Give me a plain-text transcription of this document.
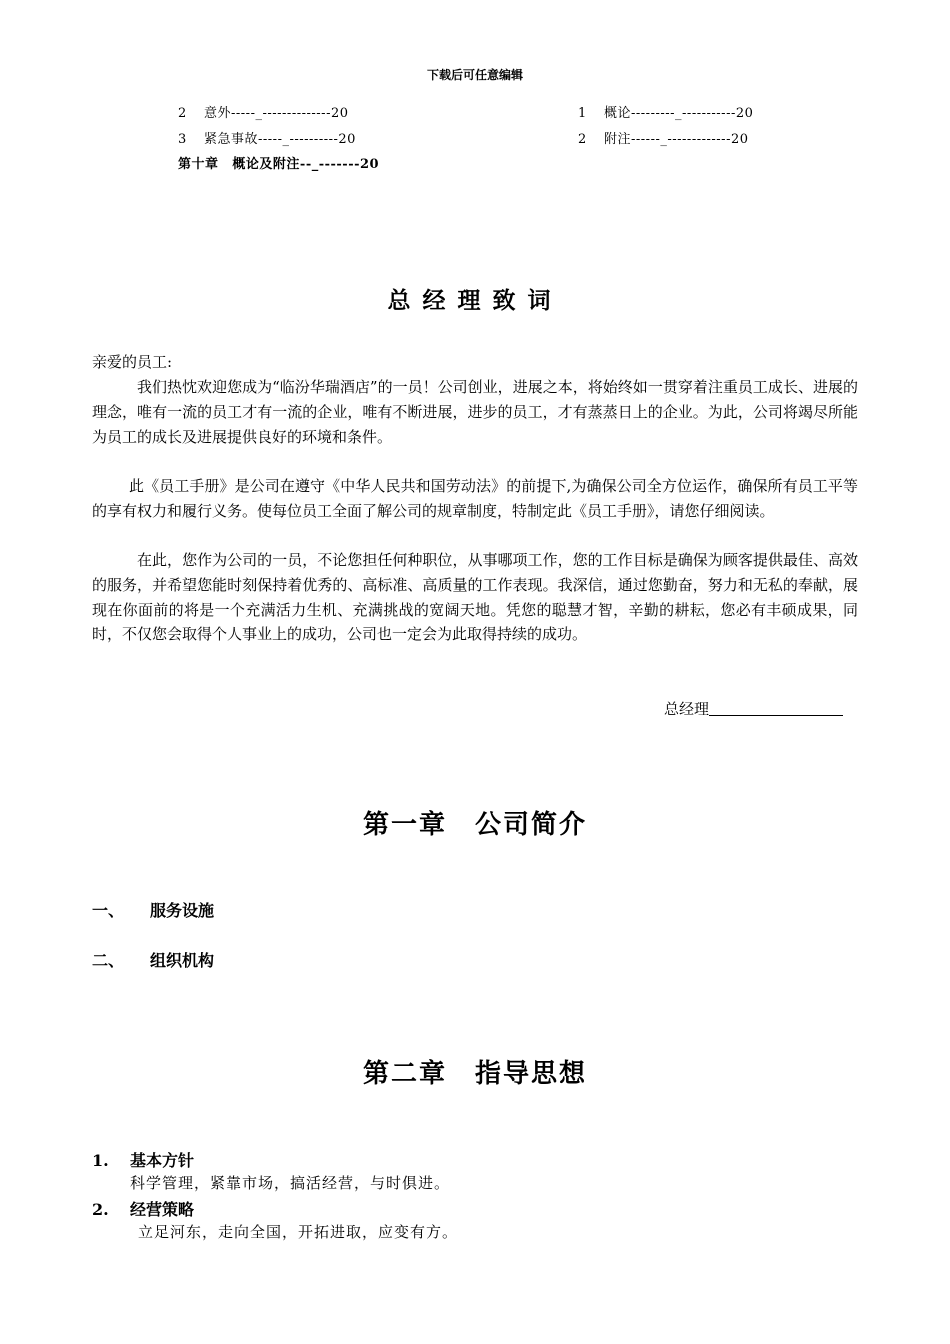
下载后可任意编辑
2 意外-----_--------------20
3 紧急事故-----_----------20
第十章 概论及附注--_-------20
1 概论---------_-----------20
2 附注------_-------------20
总经理致词

亲爱的员工:

我们热忱欢迎您成为“临汾华瑞酒店”的一员！公司创业，进展之本，将始终如一贯穿着注重员工成长、进展的理念，唯有一流的员工才有一流的企业，唯有不断进展，进步的员工，才有蒸蒸日上的企业。为此，公司将竭尽所能为员工的成长及进展提供良好的环境和条件。

此《员工手册》是公司在遵守《中华人民共和国劳动法》的前提下,为确保公司全方位运作，确保所有员工平等的享有权力和履行义务。使每位员工全面了解公司的规章制度，特制定此《员工手册》，请您仔细阅读。

在此，您作为公司的一员，不论您担任何种职位，从事哪项工作，您的工作目标是确保为顾客提供最佳、高效的服务，并希望您能时刻保持着优秀的、高标准、高质量的工作表现。我深信，通过您勤奋，努力和无私的奉献，展现在你面前的将是一个充满活力生机、充满挑战的宽阔天地。凭您的聪慧才智，辛勤的耕耘，您必有丰硕成果，同时，不仅您会取得个人事业上的成功，公司也一定会为此取得持续的成功。

总经理
第一章　公司简介
一、 服务设施
二、 组织机构
第二章　指导思想
1. 基本方针
科学管理，紧靠市场，搞活经营，与时俱进。
2. 经营策略
立足河东，走向全国，开拓进取，应变有方。
